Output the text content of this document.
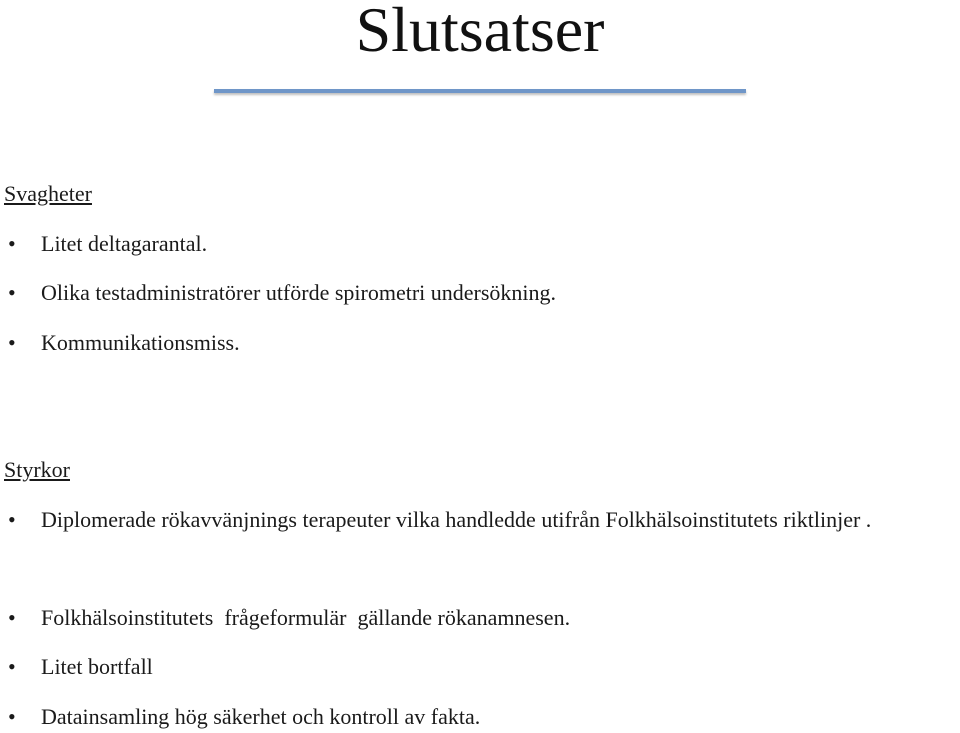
Slutsatser
Svagheter
•	Litet deltagarantal.
•	Olika testadministratörer utförde spirometri undersökning.
•	Kommunikationsmiss.
Styrkor
•	Diplomerade rökavvänjnings terapeuter vilka handledde utifrån Folkhälsoinstitutets riktlinjer .
•	Folkhälsoinstitutets  frågeformulär  gällande rökanamnesen.
•	Litet bortfall
•	Datainsamling hög säkerhet och kontroll av fakta.
